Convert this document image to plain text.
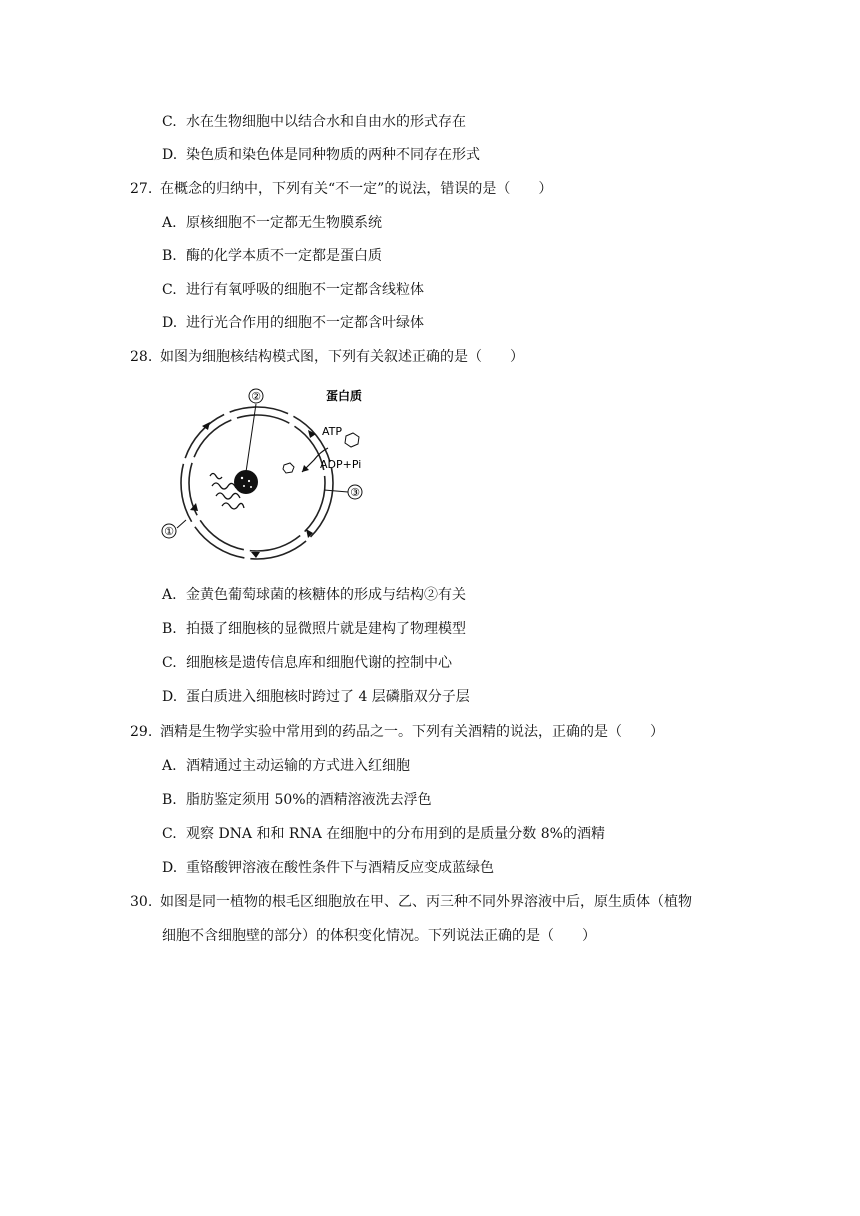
C. 水在生物细胞中以结合水和自由水的形式存在
D. 染色质和染色体是同种物质的两种不同存在形式
27. 在概念的归纳中，下列有关“不一定”的说法，错误的是（　　）
A. 原核细胞不一定都无生物膜系统
B. 酶的化学本质不一定都是蛋白质
C. 进行有氧呼吸的细胞不一定都含线粒体
D. 进行光合作用的细胞不一定都含叶绿体
28. 如图为细胞核结构模式图，下列有关叙述正确的是（　　）
②	蛋白质
ATP
ADP+Pi
③
①
A. 金黄色葡萄球菌的核糖体的形成与结构②有关
B. 拍摄了细胞核的显微照片就是建构了物理模型
C. 细胞核是遗传信息库和细胞代谢的控制中心
D. 蛋白质进入细胞核时跨过了 4 层磷脂双分子层
29. 酒精是生物学实验中常用到的药品之一。下列有关酒精的说法，正确的是（　　）
A. 酒精通过主动运输的方式进入红细胞
B. 脂肪鉴定须用 50%的酒精溶液洗去浮色
C. 观察 DNA 和和 RNA 在细胞中的分布用到的是质量分数 8%的酒精
D. 重铬酸钾溶液在酸性条件下与酒精反应变成蓝绿色
30. 如图是同一植物的根毛区细胞放在甲、乙、丙三种不同外界溶液中后，原生质体（植物
细胞不含细胞壁的部分）的体积变化情况。下列说法正确的是（　　）
